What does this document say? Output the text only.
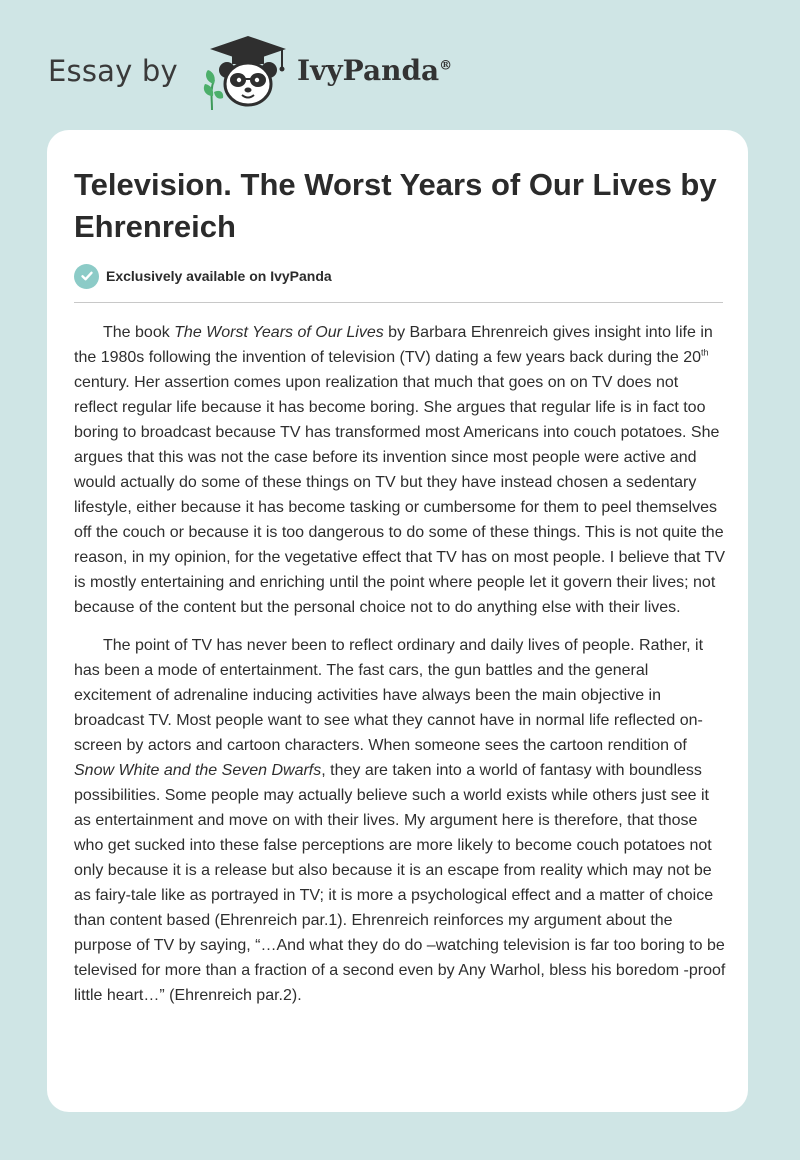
Essay by	IvyPanda®
Television. The Worst Years of Our Lives by Ehrenreich
Exclusively available on IvyPanda

The book The Worst Years of Our Lives by Barbara Ehrenreich gives insight into life in the 1980s following the invention of television (TV) dating a few years back during the 20th century. Her assertion comes upon realization that much that goes on on TV does not reflect regular life because it has become boring. She argues that regular life is in fact too boring to broadcast because TV has transformed most Americans into couch potatoes. She argues that this was not the case before its invention since most people were active and would actually do some of these things on TV but they have instead chosen a sedentary lifestyle, either because it has become tasking or cumbersome for them to peel themselves off the couch or because it is too dangerous to do some of these things. This is not quite the reason, in my opinion, for the vegetative effect that TV has on most people. I believe that TV is mostly entertaining and enriching until the point where people let it govern their lives; not because of the content but the personal choice not to do anything else with their lives.

The point of TV has never been to reflect ordinary and daily lives of people. Rather, it has been a mode of entertainment. The fast cars, the gun battles and the general excitement of adrenaline inducing activities have always been the main objective in broadcast TV. Most people want to see what they cannot have in normal life reflected on- screen by actors and cartoon characters. When someone sees the cartoon rendition of Snow White and the Seven Dwarfs, they are taken into a world of fantasy with boundless possibilities. Some people may actually believe such a world exists while others just see it as entertainment and move on with their lives. My argument here is therefore, that those who get sucked into these false perceptions are more likely to become couch potatoes not only because it is a release but also because it is an escape from reality which may not be as fairy-tale like as portrayed in TV; it is more a psychological effect and a matter of choice than content based (Ehrenreich par.1). Ehrenreich reinforces my argument about the purpose of TV by saying, “…And what they do do –watching television is far too boring to be televised for more than a fraction of a second even by Any Warhol, bless his boredom -proof little heart…” (Ehrenreich par.2).
